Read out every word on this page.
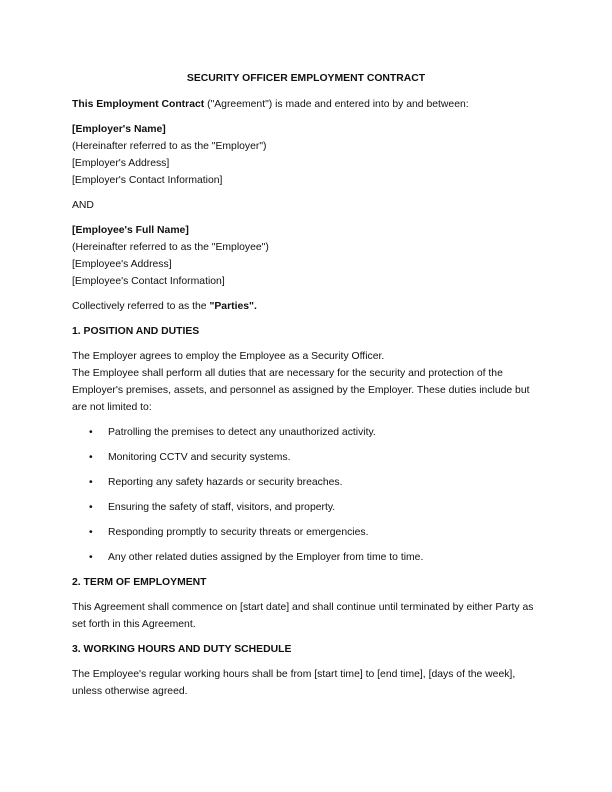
SECURITY OFFICER EMPLOYMENT CONTRACT

This Employment Contract ("Agreement") is made and entered into by and between:

[Employer's Name]

(Hereinafter referred to as the "Employer")

[Employer's Address]

[Employer's Contact Information]

AND

[Employee's Full Name]

(Hereinafter referred to as the "Employee")

[Employee's Address]

[Employee's Contact Information]

Collectively referred to as the "Parties".

1. POSITION AND DUTIES

The Employer agrees to employ the Employee as a Security Officer.

The Employee shall perform all duties that are necessary for the security and protection of the Employer's premises, assets, and personnel as assigned by the Employer. These duties include but are not limited to:

• Patrolling the premises to detect any unauthorized activity.
• Monitoring CCTV and security systems.
• Reporting any safety hazards or security breaches.
• Ensuring the safety of staff, visitors, and property.
• Responding promptly to security threats or emergencies.
• Any other related duties assigned by the Employer from time to time.

2. TERM OF EMPLOYMENT

This Agreement shall commence on [start date] and shall continue until terminated by either Party as set forth in this Agreement.

3. WORKING HOURS AND DUTY SCHEDULE

The Employee's regular working hours shall be from [start time] to [end time], [days of the week], unless otherwise agreed.
